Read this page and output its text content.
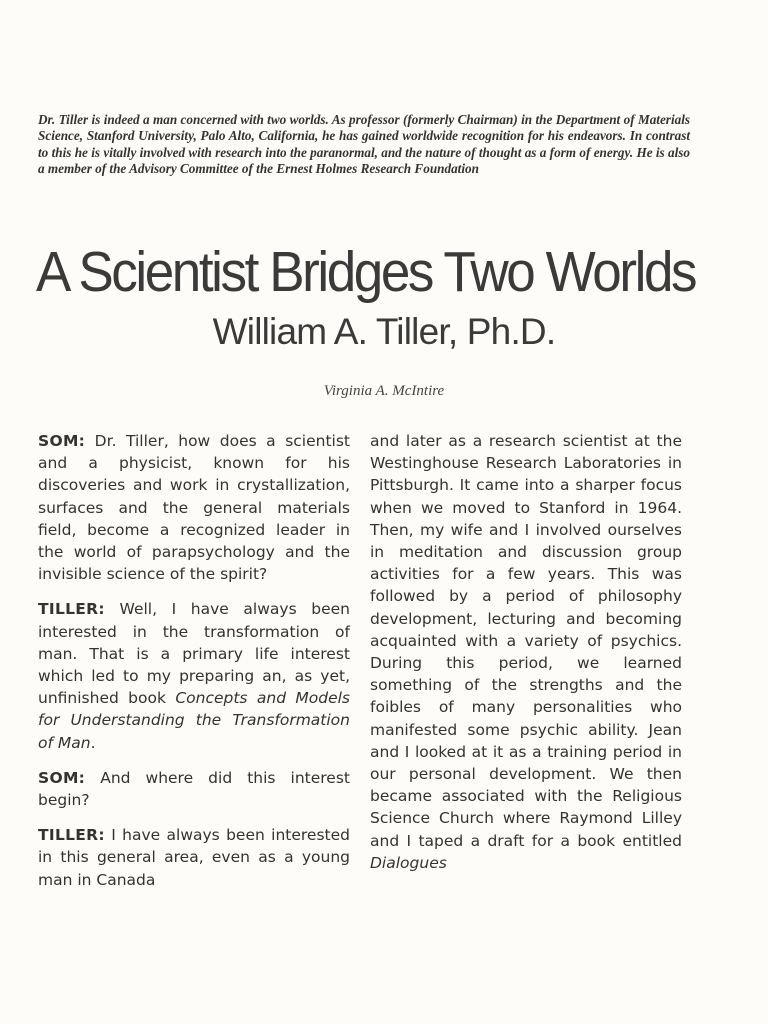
Dr. Tiller is indeed a man concerned with two worlds. As professor (formerly Chairman) in the Department of Materials Science, Stanford University, Palo Alto, California, he has gained worldwide recognition for his endeavors. In contrast to this he is vitally involved with research into the paranormal, and the nature of thought as a form of energy. He is also a member of the Advisory Committee of the Ernest Holmes Research Foundation
A Scientist Bridges Two Worlds
William A. Tiller, Ph.D.
Virginia A. McIntire

SOM: Dr. Tiller, how does a scientist and a physicist, known for his discoveries and work in crystallization, surfaces and the general materials field, become a recognized leader in the world of parapsychology and the invisible science of the spirit?

TILLER: Well, I have always been interested in the transformation of man. That is a primary life interest which led to my preparing an, as yet, unfinished book Concepts and Models for Understanding the Transformation of Man.

SOM: And where did this interest begin?

TILLER: I have always been interested in this general area, even as a young man in Canada

and later as a research scientist at the Westinghouse Research Laboratories in Pittsburgh. It came into a sharper focus when we moved to Stanford in 1964. Then, my wife and I involved ourselves in meditation and discussion group activities for a few years. This was followed by a period of philosophy development, lecturing and becoming acquainted with a variety of psychics. During this period, we learned something of the strengths and the foibles of many personalities who manifested some psychic ability. Jean and I looked at it as a training period in our personal development. We then became associated with the Religious Science Church where Raymond Lilley and I taped a draft for a book entitled Dialogues
